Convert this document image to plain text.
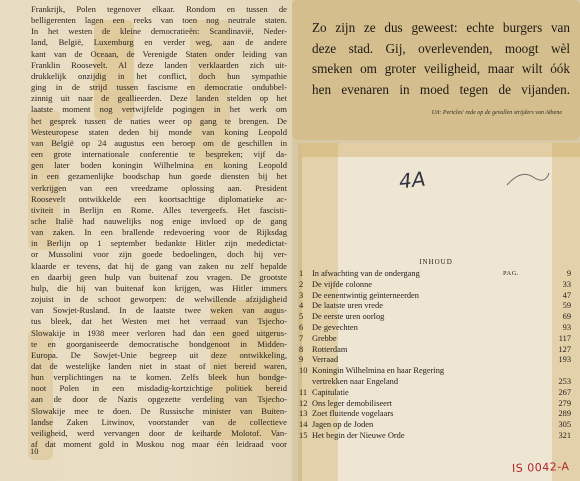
Frankrijk, Polen tegenover elkaar. Rondom en tussen de
belligerenten lagen een reeks van toen nog neutrale staten.
In het westen de kleine democratieën: Scandinavië, Neder-
land, België, Luxemburg en verder weg, aan de andere
kant van de Oceaan, de Verenigde Staten onder leiding van
Franklin Roosevelt. Al deze landen verklaarden zich uit-
drukkelijk onzijdig in het conflict, doch hun sympathie
ging in de strijd tussen fascisme en democratie ondubbel-
zinnig uit naar de geallieerden. Deze landen stelden op het
laatste moment nog vertwijfelde pogingen in het werk om
het gesprek tussen de naties weer op gang te brengen. De
Westeuropese staten deden bij monde van koning Leopold
van België op 24 augustus een beroep om de geschillen in
een grote internationale conferentie te bespreken; vijf da-
gen later boden koningin Wilhelmina en koning Leopold
in een gezamenlijke boodschap hun goede diensten bij het
verkrijgen van een vreedzame oplossing aan. President
Roosevelt ontwikkelde een koortsachtige diplomatieke ac-
tiviteit in Berlijn en Rome. Alles tevergeefs. Het fascisti-
sche Italië had nauwelijks nog enige invloed op de gang
van zaken. In een brallende redevoering voor de Rijksdag
in Berlijn op 1 september bedankte Hitler zijn mededictat-
or Mussolini voor zijn goede bedoelingen, doch hij ver-
klaarde er tevens, dat hij de gang van zaken nu zelf bepalde
en daarbij geen hulp van buitenaf zou vragen. De grootste
hulp, die hij van buitenaf kon krijgen, was Hitler immers
zojuist in de schoot geworpen: de welwillende afzijdigheid
van Sowjet-Rusland. In de laatste twee weken van augus-
tus bleek, dat het Westen met het verraad van Tsjecho-
Slowakije in 1938 meer verloren had dan een goed uitgerus-
te en goorganiseerde democratische bondgenoot in Midden-
Europa. De Sowjet-Unie begreep uit deze ontwikkeling,
dat de westelijke landen niet in staat of niet bereid waren,
hun verplichtingen na te komen. Zelfs bleek hun bondge-
noot Polen in een misdadig-kortzichtige politiek bereid
aan de door de Nazis opgezette verdeling van Tsjecho-
Slowakije mee te doen. De Russische minister van Buiten-
landse Zaken Litwinov, voorstander van de collectieve
veiligheid, werd vervangen door de keiharde Molotof. Van-
af dat moment gold in Moskou nog maar één leidraad voor
10
Zo zijn ze dus geweest: echte burgers van
deze stad. Gij, overlevenden, moogt wèl
smeken om groter veiligheid, maar wilt óók
hen evenaren in moed tegen de vijanden.
Uit: Pericles' rede op de gevallen strijders van Athene
4A
INHOUD
1	In afwachting van de ondergang	PAG.	9
2	De vijfde colonne	33
3	De eenentwintig geïnterneerden	47
4	De laatste uren vrede	59
5	De eerste uren oorlog	69
6	De gevechten	93
7	Grebbe	117
8	Rotterdam	127
9	Verraad	193
10 Koningin Wilhelmina en haar Regering
vertrekken naar Engeland	253
11 Capitulatie	267
12 Ons leger demobiliseert	279
13 Zoet fluitende vogelaars	289
14 Jagen op de Joden	305
15 Het begin der Nieuwe Orde	321
IS 0042-A
